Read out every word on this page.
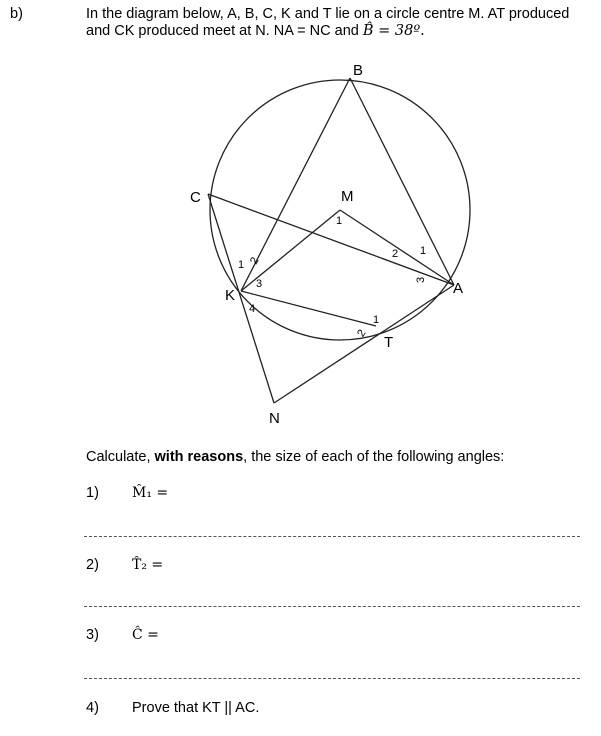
b)	In the diagram below, A, B, C, K and T lie on a circle centre M. AT produced
and CK produced meet at N. NA = NC and B̂ = 38º.
B
C	M
A
K
T
N
1
1 2
3
4
1
2
3
1
2
Calculate, with reasons, the size of each of the following angles:
1) M̂₁ =
2) T̂₂ =
3) Ĉ =
4) Prove that KT || AC.
